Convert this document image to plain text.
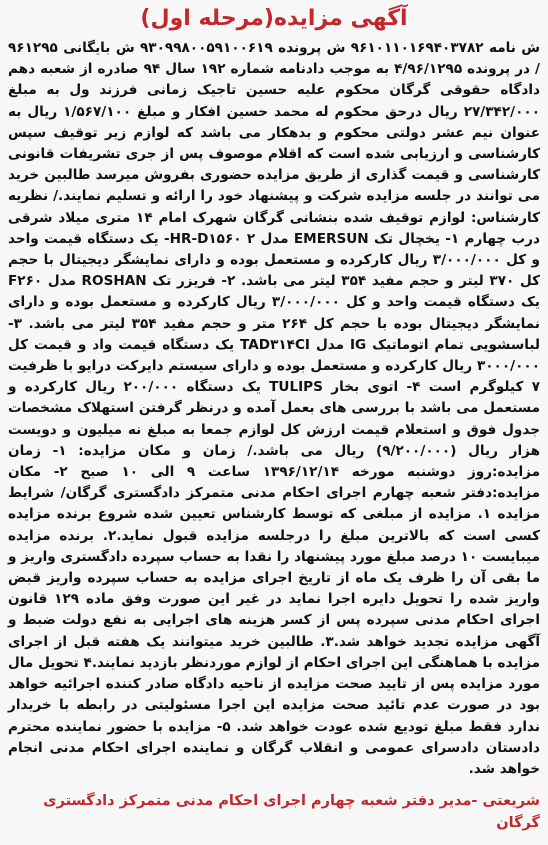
آگهی مزایده(مرحله اول)
ش نامه ۹۶۱۰۱۱۰۱۶۹۴۰۳۷۸۲ ش پرونده ۹۳۰۹۹۸۰۰۵۹۱۰۰۶۱۹ ش بایگانی ۹۶۱۲۹۵ / در پرونده ۴/۹۶/۱۲۹۵ به موجب دادنامه شماره ۱۹۲ سال ۹۴ صادره از شعبه دهم دادگاه حقوقی گرگان محکوم علیه حسین تاجیک زمانی فرزند ول به مبلغ ۲۷/۳۴۲/۰۰۰ ریال درحق محکوم له محمد حسین افکار و مبلغ ۱/۵۶۷/۱۰۰ ریال به عنوان نیم عشر دولتی محکوم و بدهکار می باشد که لوازم زیر توقیف سپس کارشناسی و ارزیابی شده است که اقلام موصوف پس از جری تشریفات قانونی کارشناسی و قیمت گذاری از طریق مزایده حضوری بفروش میرسد طالبین خرید می توانند در جلسه مزایده شرکت و پیشنهاد خود را ارائه و تسلیم نمایند./ نظریه کارشناس: لوازم توقیف شده بنشانی گرگان شهرک امام ۱۴ متری میلاد شرقی درب چهارم ۱- یخچال تک EMERSUN مدل HR-D۱۵۶۰ ۲- یک دستگاه قیمت واحد و کل ۳/۰۰۰/۰۰۰ ریال کارکرده و مستعمل بوده و دارای نمایشگر دیجیتال با حجم کل ۳۷۰ لیتر و حجم مفید ۳۵۴ لیتر می باشد. ۲- فریزر تک ROSHAN مدل F۲۶۰ یک دستگاه قیمت واحد و کل ۳/۰۰۰/۰۰۰ ریال کارکرده و مستعمل بوده و دارای نمایشگر دیجیتال بوده با حجم کل ۲۶۴ متر و حجم مفید ۳۵۴ لیتر می باشد. ۳- لباسشویی تمام اتوماتیک IG مدل TAD۳۱۴CI یک دستگاه قیمت واد و قیمت کل ۳۰۰۰/۰۰۰ ریال کارکرده و مستعمل بوده و دارای سیستم دایرکت درایو با ظرفیت ۷ کیلوگرم است ۴- اتوی بخار TULIPS یک دستگاه ۲۰۰/۰۰۰ ریال کارکرده و مستعمل می باشد با بررسی های بعمل آمده و درنظر گرفتن استهلاک مشخصات جدول فوق و استعلام قیمت ارزش کل لوازم جمعا به مبلغ نه میلیون و دویست هزار ریال (۹/۲۰۰/۰۰۰) ریال می باشد./ زمان و مکان مزایده: ۱- زمان مزایده:روز دوشنبه مورخه ۱۳۹۶/۱۲/۱۴ ساعت ۹ الی ۱۰ صبح ۲- مکان مزایده:دفتر شعبه چهارم اجرای احکام مدنی متمرکز دادگستری گرگان/ شرایط مزایده ۱. مزایده از مبلغی که توسط کارشناس تعیین شده شروع برنده مزایده کسی است که بالاترین مبلغ را درجلسه مزایده قبول نماید.۲. برنده مزایده میبایست ۱۰ درصد مبلغ مورد پیشنهاد را نقدا به حساب سپرده دادگستری واریز و ما بقی آن را ظرف یک ماه از تاریخ اجرای مزایده به حساب سپرده واریز قبض واریز شده را تحویل دایره اجرا نماید در غیر این صورت وفق ماده ۱۲۹ قانون اجرای احکام مدنی سپرده پس از کسر هزینه های اجرایی به نفع دولت ضبط و آگهی مزایده تجدید خواهد شد.۳. طالبین خرید میتوانند یک هفته قبل از اجرای مزایده با هماهنگی این اجرای احکام از لوازم موردنظر بازدید نمایند.۴ تحویل مال مورد مزایده پس از تایید صحت مزایده از ناحیه دادگاه صادر کننده اجرائیه خواهد بود در صورت عدم تائید صحت مزایده این اجرا مسئولیتی در رابطه با خریدار ندارد فقط مبلغ تودیع شده عودت خواهد شد. ۵- مزایده با حضور نماینده محترم دادستان دادسرای عمومی و انقلاب گرگان و نماینده اجرای احکام مدنی انجام خواهد شد.
شریعتی -مدیر دفتر شعبه چهارم اجرای احکام مدنی متمرکز دادگستری گرگان
